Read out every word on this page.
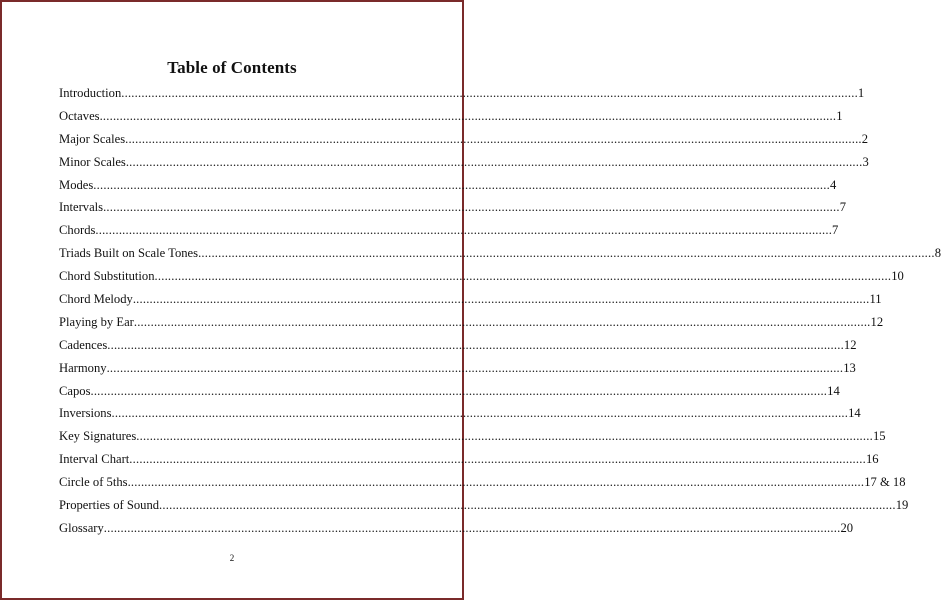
Table of Contents
Introduction ............................................................................................................................................................................................................................ 1
Octaves ............................................................................................................................................................................................................................ 1
Major Scales ............................................................................................................................................................................................................................ 2
Minor Scales ............................................................................................................................................................................................................................ 3
Modes ............................................................................................................................................................................................................................ 4
Intervals ............................................................................................................................................................................................................................ 7
Chords ............................................................................................................................................................................................................................ 7
Triads Built on Scale Tones ............................................................................................................................................................................................................................ 8
Chord Substitution ............................................................................................................................................................................................................................ 10
Chord Melody ............................................................................................................................................................................................................................ 11
Playing by Ear ............................................................................................................................................................................................................................ 12
Cadences ............................................................................................................................................................................................................................ 12
Harmony ............................................................................................................................................................................................................................ 13
Capos ............................................................................................................................................................................................................................ 14
Inversions ............................................................................................................................................................................................................................ 14
Key Signatures ............................................................................................................................................................................................................................ 15
Interval Chart ............................................................................................................................................................................................................................ 16
Circle of 5ths ............................................................................................................................................................................................................................ 17 & 18
Properties of Sound ............................................................................................................................................................................................................................ 19
Glossary ............................................................................................................................................................................................................................ 20
2
